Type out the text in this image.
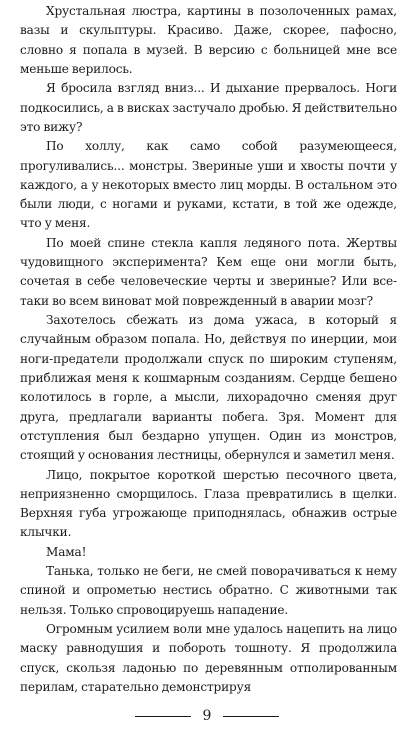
Хрустальная люстра, картины в позолоченных рамах, вазы и скульптуры. Красиво. Даже, скорее, пафосно, словно я попала в музей. В версию с больницей мне все меньше верилось.

Я бросила взгляд вниз... И дыхание прервалось. Ноги подкосились, а в висках застучало дробью. Я действительно это вижу?

По холлу, как само собой разумеющееся, прогуливались... монстры. Звериные уши и хвосты почти у каждого, а у некоторых вместо лиц морды. В остальном это были люди, с ногами и руками, кстати, в той же одежде, что у меня.

По моей спине стекла капля ледяного пота. Жертвы чудовищного эксперимента? Кем еще они могли быть, сочетая в себе человеческие черты и звериные? Или все-таки во всем виноват мой поврежденный в аварии мозг?

Захотелось сбежать из дома ужаса, в который я случайным образом попала. Но, действуя по инерции, мои ноги-предатели продолжали спуск по широким ступеням, приближая меня к кошмарным созданиям. Сердце бешено колотилось в горле, а мысли, лихорадочно сменяя друг друга, предлагали варианты побега. Зря. Момент для отступления был бездарно упущен. Один из монстров, стоящий у основания лестницы, обернулся и заметил меня.

Лицо, покрытое короткой шерстью песочного цвета, неприязненно сморщилось. Глаза превратились в щелки. Верхняя губа угрожающе приподнялась, обнажив острые клычки.

Мама!

Танька, только не беги, не смей поворачиваться к нему спиной и опрометью нестись обратно. С животными так нельзя. Только спровоцируешь нападение.

Огромным усилием воли мне удалось нацепить на лицо маску равнодушия и побороть тошноту. Я продолжила спуск, скользя ладонью по деревянным отполированным перилам, старательно демонстрируя

9
